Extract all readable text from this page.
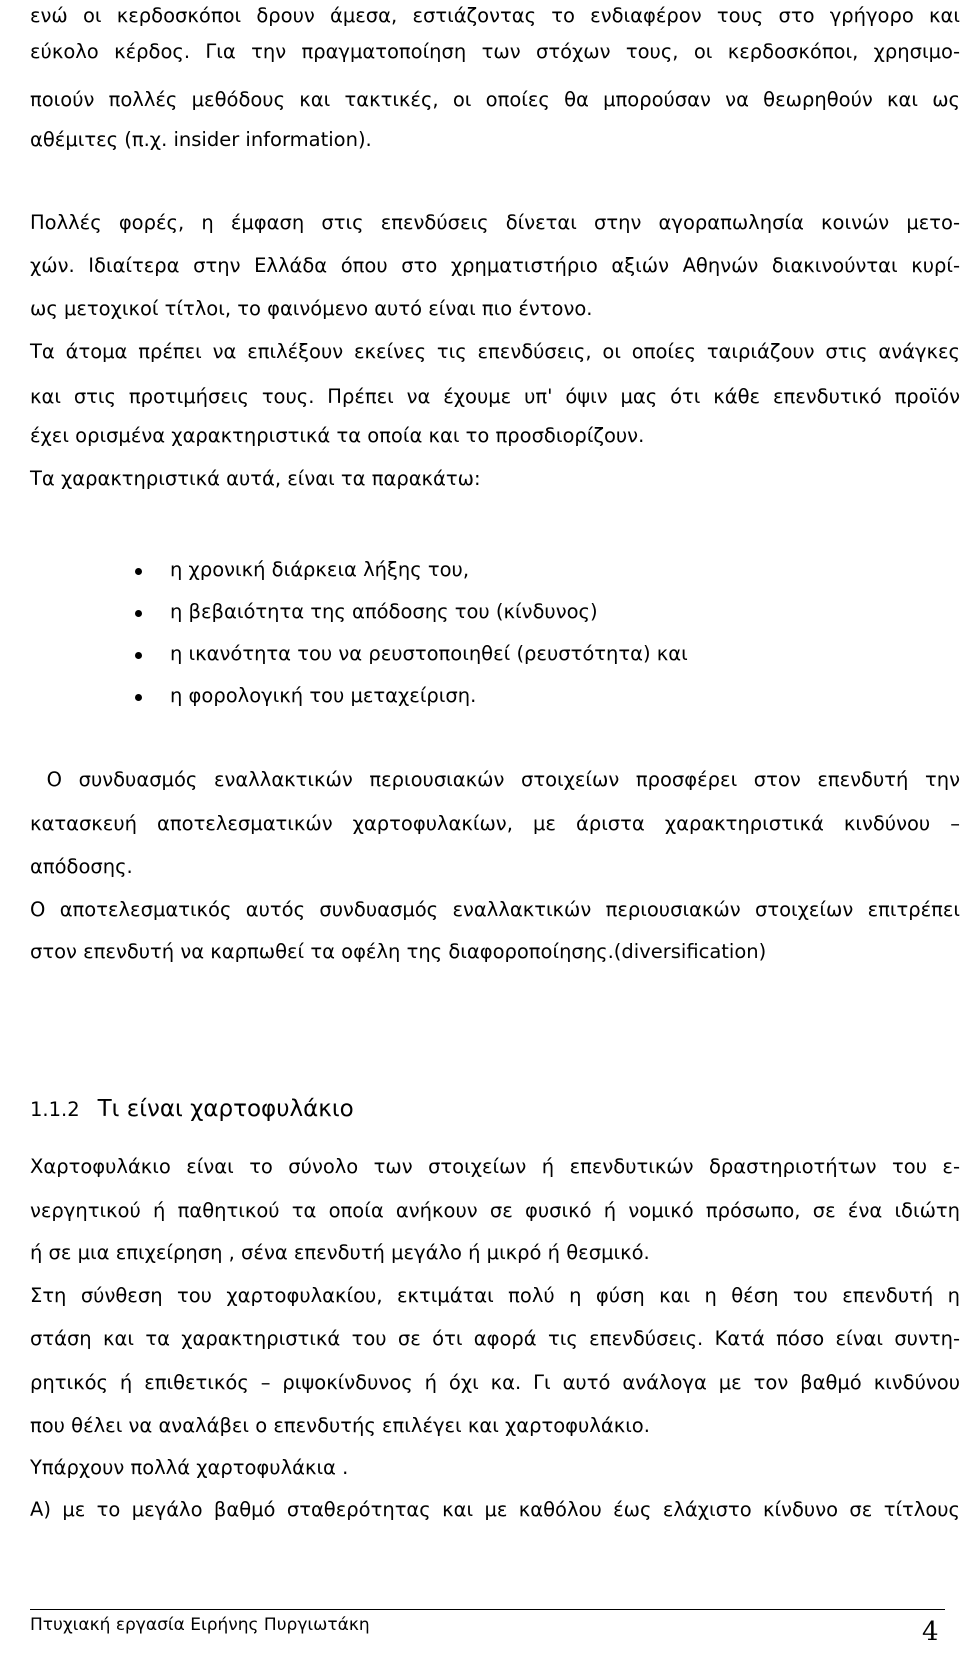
ενώ οι κερδοσκόποι δρουν άμεσα, εστιάζοντας το ενδιαφέρον τους στο γρήγορο και
εύκολο κέρδος. Για την πραγματοποίηση των στόχων τους, οι κερδοσκόποι, χρησιμο-
ποιούν πολλές μεθόδους και τακτικές, οι οποίες θα μπορούσαν να θεωρηθούν και ως
αθέμιτες (π.χ. insider information).
Πολλές φορές, η έμφαση στις επενδύσεις δίνεται στην αγοραπωλησία κοινών μετο-
χών. Ιδιαίτερα στην Ελλάδα όπου στο χρηματιστήριο αξιών Αθηνών διακινούνται κυρί-
ως μετοχικοί τίτλοι, το φαινόμενο αυτό είναι πιο έντονο.
Τα άτομα πρέπει να επιλέξουν εκείνες τις επενδύσεις, οι οποίες ταιριάζουν στις ανάγκες
και στις προτιμήσεις τους. Πρέπει να έχουμε υπ' όψιν μας ότι κάθε επενδυτικό προϊόν
έχει ορισμένα χαρακτηριστικά τα οποία και το προσδιορίζουν.
Τα χαρακτηριστικά αυτά, είναι τα παρακάτω:
η χρονική διάρκεια λήξης του,
η βεβαιότητα της απόδοσης του (κίνδυνος)
η ικανότητα του να ρευστοποιηθεί (ρευστότητα) και
η φορολογική του μεταχείριση.
Ο συνδυασμός εναλλακτικών περιουσιακών στοιχείων προσφέρει στον επενδυτή την
κατασκευή αποτελεσματικών χαρτοφυλακίων, με άριστα χαρακτηριστικά κινδύνου –
απόδοσης.
Ο αποτελεσματικός αυτός συνδυασμός εναλλακτικών περιουσιακών στοιχείων επιτρέπει
στον επενδυτή να καρπωθεί τα οφέλη της διαφοροποίησης.(diversification)
1.1.2 Τι είναι χαρτοφυλάκιο
Χαρτοφυλάκιο είναι το σύνολο των στοιχείων ή επενδυτικών δραστηριοτήτων του ε-
νεργητικού ή παθητικού τα οποία ανήκουν σε φυσικό ή νομικό πρόσωπο, σε ένα ιδιώτη
ή σε μια επιχείρηση , σένα επενδυτή μεγάλο ή μικρό ή θεσμικό.
Στη σύνθεση του χαρτοφυλακίου, εκτιμάται πολύ η φύση και η θέση του επενδυτή η
στάση και τα χαρακτηριστικά του σε ότι αφορά τις επενδύσεις. Κατά πόσο είναι συντη-
ρητικός ή επιθετικός – ριψοκίνδυνος ή όχι κα. Γι αυτό ανάλογα με τον βαθμό κινδύνου
που θέλει να αναλάβει ο επενδυτής επιλέγει και χαρτοφυλάκιο.
Υπάρχουν πολλά χαρτοφυλάκια .
Α) με το μεγάλο βαθμό σταθερότητας και με καθόλου έως ελάχιστο κίνδυνο σε τίτλους
Πτυχιακή εργασία Ειρήνης Πυργιωτάκη	4
